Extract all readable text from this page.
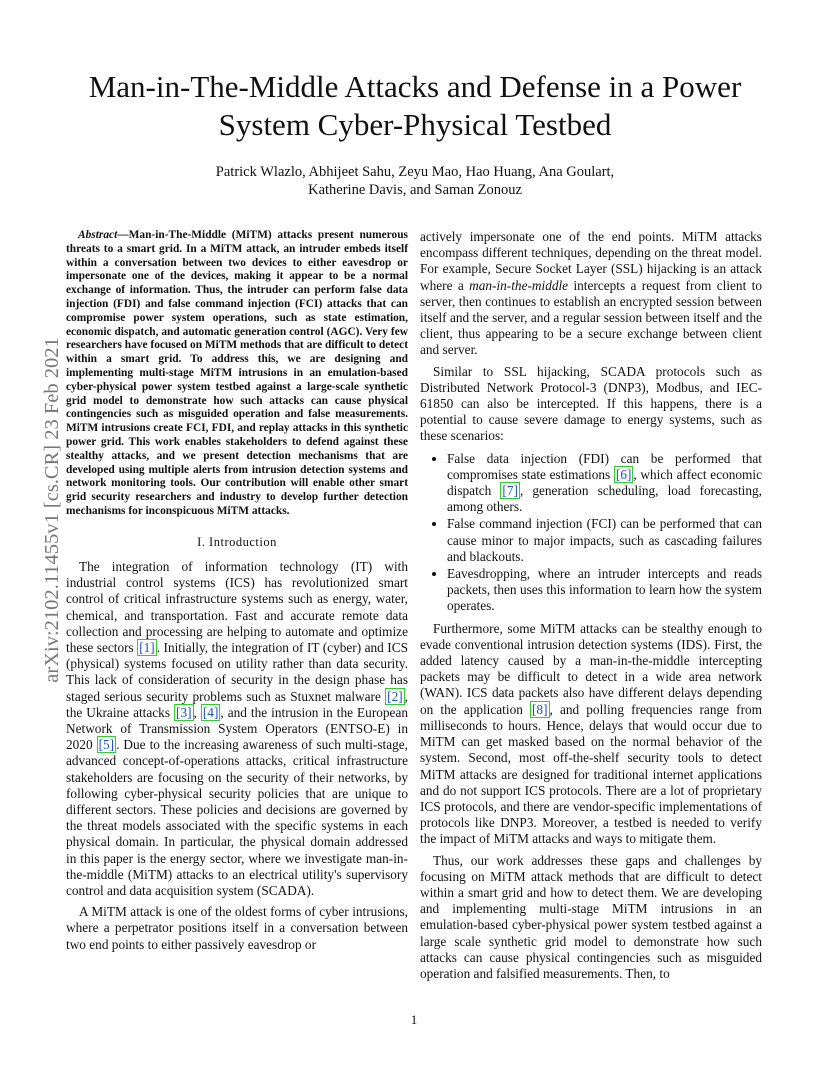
arXiv:2102.11455v1 [cs.CR] 23 Feb 2021
Man-in-The-Middle Attacks and Defense in a Power System Cyber-Physical Testbed
Patrick Wlazlo, Abhijeet Sahu, Zeyu Mao, Hao Huang, Ana Goulart,
Katherine Davis, and Saman Zonouz

Abstract—Man-in-The-Middle (MiTM) attacks present numerous threats to a smart grid. In a MiTM attack, an intruder embeds itself within a conversation between two devices to either eavesdrop or impersonate one of the devices, making it appear to be a normal exchange of information. Thus, the intruder can perform false data injection (FDI) and false command injection (FCI) attacks that can compromise power system operations, such as state estimation, economic dispatch, and automatic generation control (AGC). Very few researchers have focused on MiTM methods that are difficult to detect within a smart grid. To address this, we are designing and implementing multi-stage MiTM intrusions in an emulation-based cyber-physical power system testbed against a large-scale synthetic grid model to demonstrate how such attacks can cause physical contingencies such as misguided operation and false measurements. MiTM intrusions create FCI, FDI, and replay attacks in this synthetic power grid. This work enables stakeholders to defend against these stealthy attacks, and we present detection mechanisms that are developed using multiple alerts from intrusion detection systems and network monitoring tools. Our contribution will enable other smart grid security researchers and industry to develop further detection mechanisms for inconspicuous MiTM attacks.

I. Introduction

The integration of information technology (IT) with industrial control systems (ICS) has revolutionized smart control of critical infrastructure systems such as energy, water, chemical, and transportation. Fast and accurate remote data collection and processing are helping to automate and optimize these sectors [1] . Initially, the integration of IT (cyber) and ICS (physical) systems focused on utility rather than data security. This lack of consideration of security in the design phase has staged serious security problems such as Stuxnet malware [2] , the Ukraine attacks [3] , [4] , and the intrusion in the European Network of Transmission System Operators (ENTSO-E) in 2020 [5] . Due to the increasing awareness of such multi-stage, advanced concept-of-operations attacks, critical infrastructure stakeholders are focusing on the security of their networks, by following cyber-physical security policies that are unique to different sectors. These policies and decisions are governed by the threat models associated with the specific systems in each physical domain. In particular, the physical domain addressed in this paper is the energy sector, where we investigate man-in-the-middle (MiTM) attacks to an electrical utility's supervisory control and data acquisition system (SCADA).

A MiTM attack is one of the oldest forms of cyber intrusions, where a perpetrator positions itself in a conversation between two end points to either passively eavesdrop or

actively impersonate one of the end points. MiTM attacks encompass different techniques, depending on the threat model. For example, Secure Socket Layer (SSL) hijacking is an attack where a man-in-the-middle intercepts a request from client to server, then continues to establish an encrypted session between itself and the server, and a regular session between itself and the client, thus appearing to be a secure exchange between client and server.

Similar to SSL hijacking, SCADA protocols such as Distributed Network Protocol-3 (DNP3), Modbus, and IEC-61850 can also be intercepted. If this happens, there is a potential to cause severe damage to energy systems, such as these scenarios:

• False data injection (FDI) can be performed that compromises state estimations [6] , which affect economic dispatch [7] , generation scheduling, load forecasting, among others.
• False command injection (FCI) can be performed that can cause minor to major impacts, such as cascading failures and blackouts.
• Eavesdropping, where an intruder intercepts and reads packets, then uses this information to learn how the system operates.

Furthermore, some MiTM attacks can be stealthy enough to evade conventional intrusion detection systems (IDS). First, the added latency caused by a man-in-the-middle intercepting packets may be difficult to detect in a wide area network (WAN). ICS data packets also have different delays depending on the application [8] , and polling frequencies range from milliseconds to hours. Hence, delays that would occur due to MiTM can get masked based on the normal behavior of the system. Second, most off-the-shelf security tools to detect MiTM attacks are designed for traditional internet applications and do not support ICS protocols. There are a lot of proprietary ICS protocols, and there are vendor-specific implementations of protocols like DNP3. Moreover, a testbed is needed to verify the impact of MiTM attacks and ways to mitigate them.

Thus, our work addresses these gaps and challenges by focusing on MiTM attack methods that are difficult to detect within a smart grid and how to detect them. We are developing and implementing multi-stage MiTM intrusions in an emulation-based cyber-physical power system testbed against a large scale synthetic grid model to demonstrate how such attacks can cause physical contingencies such as misguided operation and falsified measurements. Then, to

1
